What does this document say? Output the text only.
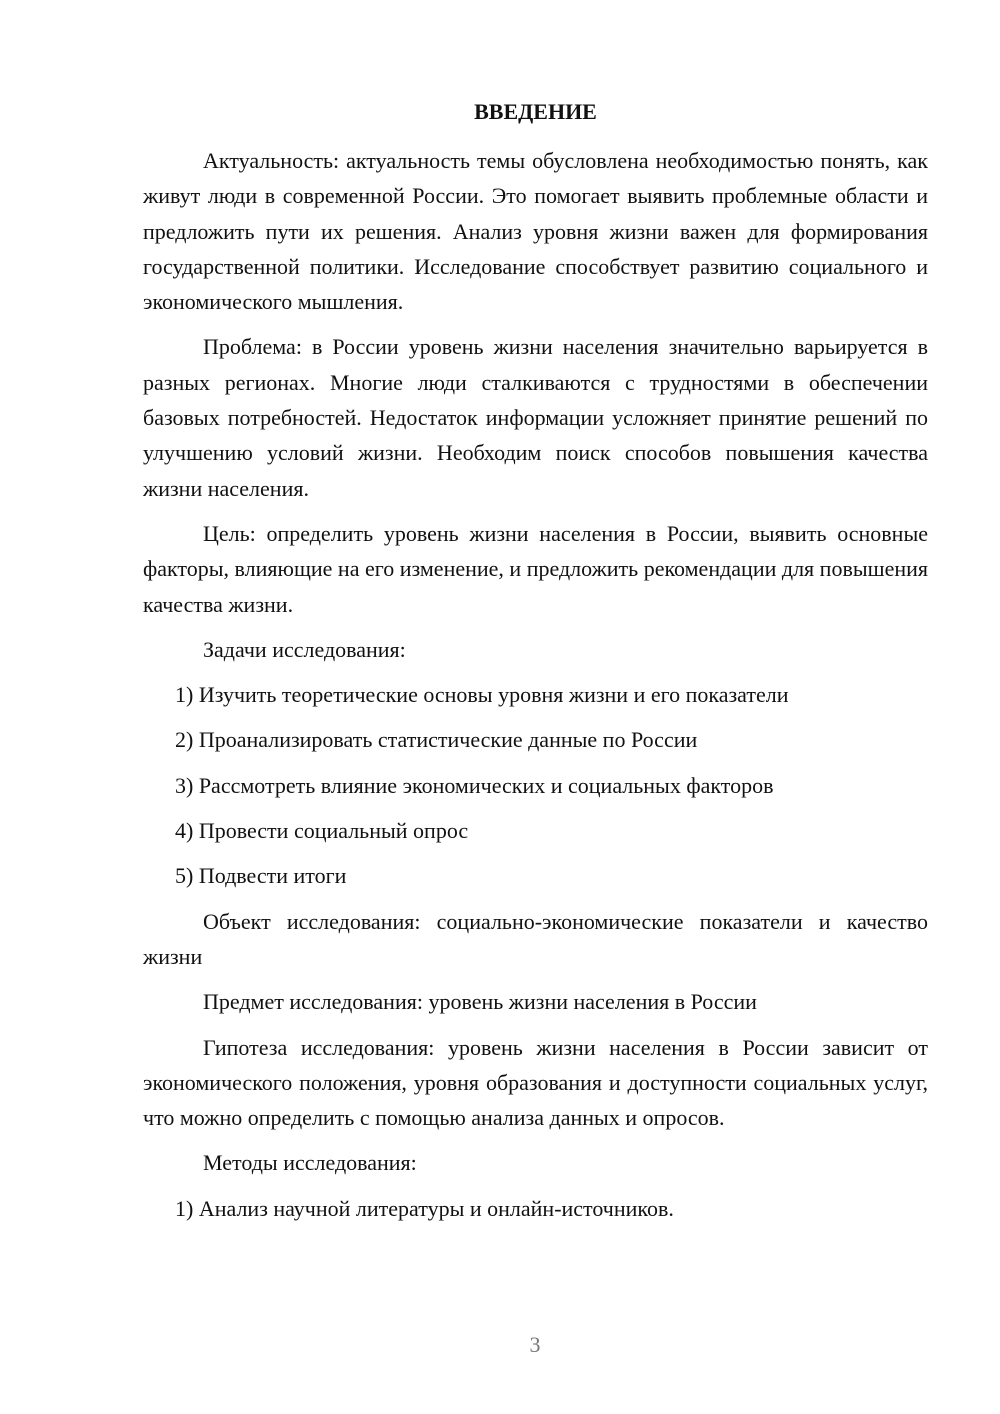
ВВЕДЕНИЕ

Актуальность: актуальность темы обусловлена необходимостью понять, как живут люди в современной России. Это помогает выявить проблемные области и предложить пути их решения. Анализ уровня жизни важен для формирования государственной политики. Исследование способствует развитию социального и экономического мышления.

Проблема: в России уровень жизни населения значительно варьируется в разных регионах. Многие люди сталкиваются с трудностями в обеспечении базовых потребностей. Недостаток информации усложняет принятие решений по улучшению условий жизни. Необходим поиск способов повышения качества жизни населения.

Цель: определить уровень жизни населения в России, выявить основные факторы, влияющие на его изменение, и предложить рекомендации для повышения качества жизни.

Задачи исследования:

1) Изучить теоретические основы уровня жизни и его показатели
2) Проанализировать статистические данные по России
3) Рассмотреть влияние экономических и социальных факторов
4) Провести социальный опрос
5) Подвести итоги

Объект исследования: социально-экономические показатели и качество жизни

Предмет исследования: уровень жизни населения в России

Гипотеза исследования: уровень жизни населения в России зависит от экономического положения, уровня образования и доступности социальных услуг, что можно определить с помощью анализа данных и опросов.

Методы исследования:

1) Анализ научной литературы и онлайн-источников.
3
